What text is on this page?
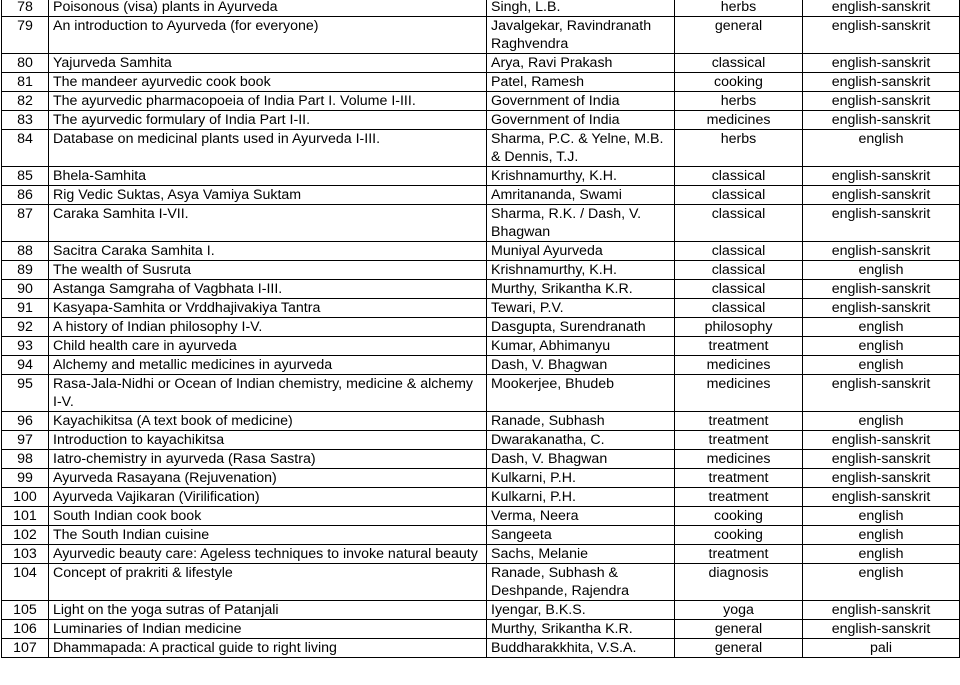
78	Poisonous (visa) plants in Ayurveda	Singh, L.B.	herbs	english-sanskrit
79	An introduction to Ayurveda (for everyone)	Javalgekar, Ravindranath Raghvendra	general	english-sanskrit
80	Yajurveda Samhita	Arya, Ravi Prakash	classical	english-sanskrit
81	The mandeer ayurvedic cook book	Patel, Ramesh	cooking	english-sanskrit
82	The ayurvedic pharmacopoeia of India Part I. Volume I-III.	Government of India	herbs	english-sanskrit
83	The ayurvedic formulary of India Part I-II.	Government of India	medicines	english-sanskrit
84	Database on medicinal plants used in Ayurveda I-III.	Sharma, P.C. & Yelne, M.B. & Dennis, T.J.	herbs	english
85	Bhela-Samhita	Krishnamurthy, K.H.	classical	english-sanskrit
86	Rig Vedic Suktas, Asya Vamiya Suktam	Amritananda, Swami	classical	english-sanskrit
87	Caraka Samhita I-VII.	Sharma, R.K. / Dash, V. Bhagwan	classical	english-sanskrit
88	Sacitra Caraka Samhita I.	Muniyal Ayurveda	classical	english-sanskrit
89	The wealth of Susruta	Krishnamurthy, K.H.	classical	english
90	Astanga Samgraha of Vagbhata I-III.	Murthy, Srikantha K.R.	classical	english-sanskrit
91	Kasyapa-Samhita or Vrddhajivakiya Tantra	Tewari, P.V.	classical	english-sanskrit
92	A history of Indian philosophy I-V.	Dasgupta, Surendranath	philosophy	english
93	Child health care in ayurveda	Kumar, Abhimanyu	treatment	english
94	Alchemy and metallic medicines in ayurveda	Dash, V. Bhagwan	medicines	english
95	Rasa-Jala-Nidhi or Ocean of Indian chemistry, medicine & alchemy I-V.	Mookerjee, Bhudeb	medicines	english-sanskrit
96	Kayachikitsa (A text book of medicine)	Ranade, Subhash	treatment	english
97	Introduction to kayachikitsa	Dwarakanatha, C.	treatment	english-sanskrit
98	Iatro-chemistry in ayurveda (Rasa Sastra)	Dash, V. Bhagwan	medicines	english-sanskrit
99	Ayurveda Rasayana (Rejuvenation)	Kulkarni, P.H.	treatment	english-sanskrit
100	Ayurveda Vajikaran (Virilification)	Kulkarni, P.H.	treatment	english-sanskrit
101	South Indian cook book	Verma, Neera	cooking	english
102	The South Indian cuisine	Sangeeta	cooking	english
103	Ayurvedic beauty care: Ageless techniques to invoke natural beauty	Sachs, Melanie	treatment	english
104	Concept of prakriti & lifestyle	Ranade, Subhash & Deshpande, Rajendra	diagnosis	english
105	Light on the yoga sutras of Patanjali	Iyengar, B.K.S.	yoga	english-sanskrit
106	Luminaries of Indian medicine	Murthy, Srikantha K.R.	general	english-sanskrit
107	Dhammapada: A practical guide to right living	Buddharakkhita, V.S.A.	general	pali
